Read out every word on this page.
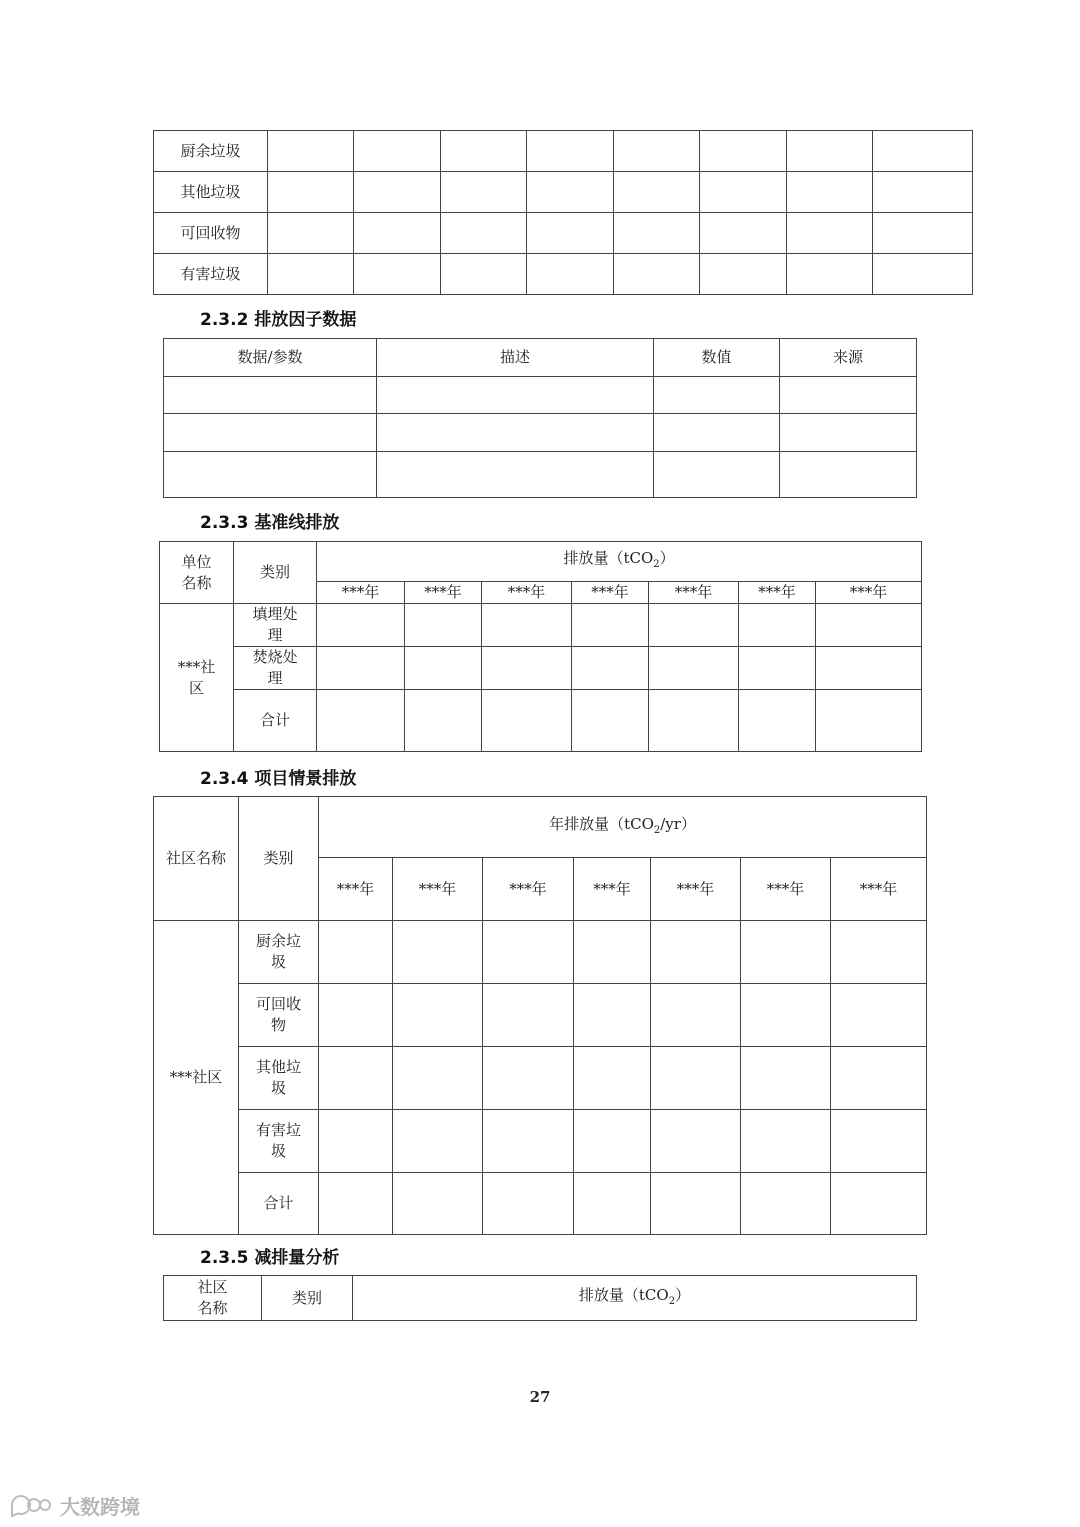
厨余垃圾								
其他垃圾								
可回收物								
有害垃圾								
2.3.2 排放因子数据
数据/参数	描述	数值	来源

2.3.3 基准线排放
单位名称	类别	排放量（tCO$_2$）						
		***年	***年	***年	***年	***年	***年	***年
***社区	填埋处理							
	焚烧处理							
	合计							
2.3.4 项目情景排放
社区名称	类别	年排放量（tCO$_2$/yr）						
		***年	***年	***年	***年	***年	***年	***年
***社区	厨余垃圾							
	可回收物							
	其他垃圾							
	有害垃圾							
	合计							
2.3.5 减排量分析
社区名称	类别	排放量（tCO$_2$）
27
大数跨境
